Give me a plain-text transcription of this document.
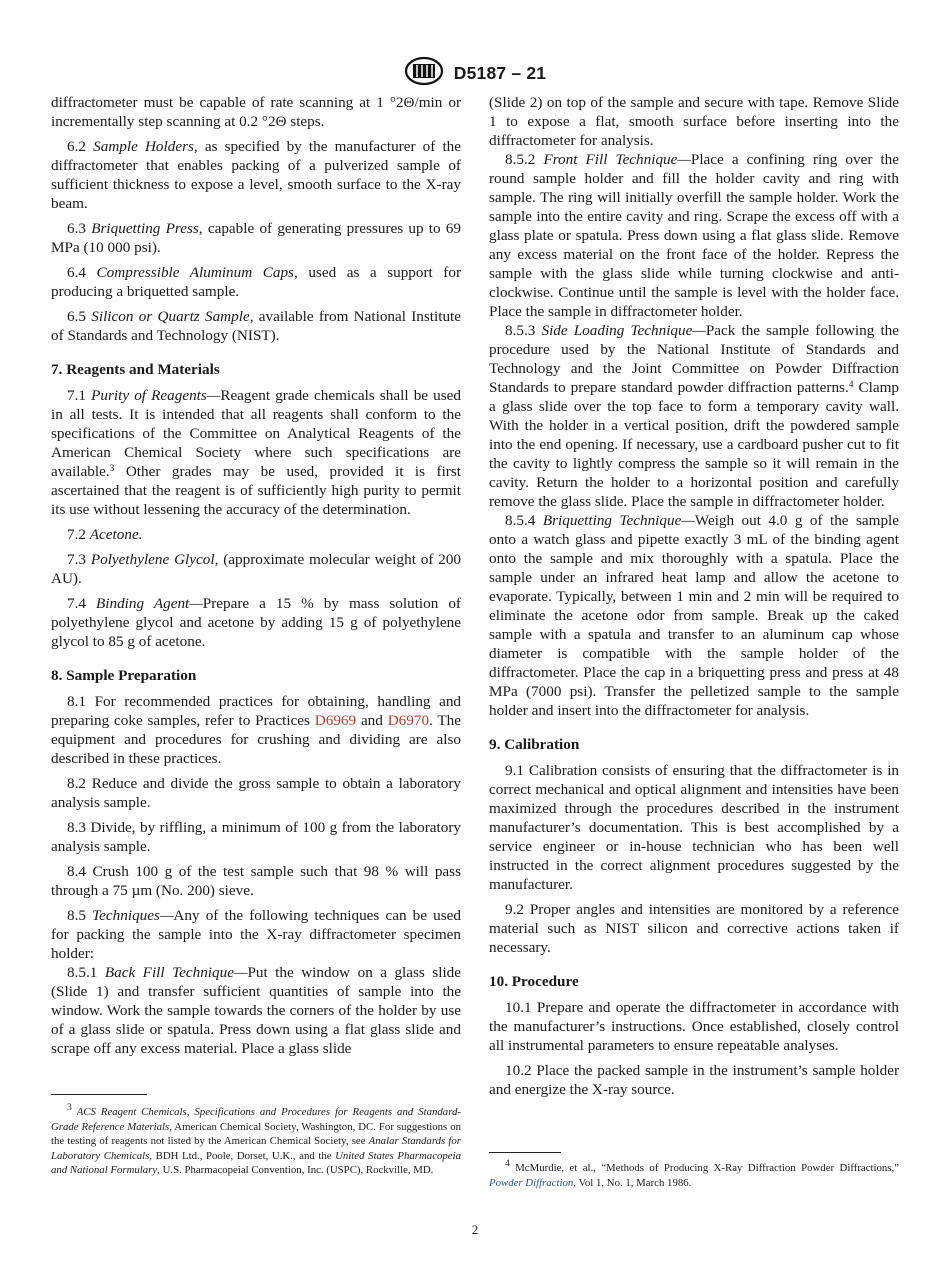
D5187 – 21

diffractometer must be capable of rate scanning at 1 °2Θ/min or incrementally step scanning at 0.2 °2Θ steps.

6.2 Sample Holders, as specified by the manufacturer of the diffractometer that enables packing of a pulverized sample of sufficient thickness to expose a level, smooth surface to the X-ray beam.

6.3 Briquetting Press, capable of generating pressures up to 69 MPa (10 000 psi).

6.4 Compressible Aluminum Caps, used as a support for producing a briquetted sample.

6.5 Silicon or Quartz Sample, available from National Institute of Standards and Technology (NIST).

7. Reagents and Materials

7.1 Purity of Reagents—Reagent grade chemicals shall be used in all tests. It is intended that all reagents shall conform to the specifications of the Committee on Analytical Reagents of the American Chemical Society where such specifications are available.$^3$ Other grades may be used, provided it is first ascertained that the reagent is of sufficiently high purity to permit its use without lessening the accuracy of the determination.

7.2 Acetone.

7.3 Polyethylene Glycol, (approximate molecular weight of 200 AU).

7.4 Binding Agent—Prepare a 15 % by mass solution of polyethylene glycol and acetone by adding 15 g of polyethylene glycol to 85 g of acetone.

8. Sample Preparation

8.1 For recommended practices for obtaining, handling and preparing coke samples, refer to Practices D6969 and D6970. The equipment and procedures for crushing and dividing are also described in these practices.

8.2 Reduce and divide the gross sample to obtain a laboratory analysis sample.

8.3 Divide, by riffling, a minimum of 100 g from the laboratory analysis sample.

8.4 Crush 100 g of the test sample such that 98 % will pass through a 75 µm (No. 200) sieve.

8.5 Techniques—Any of the following techniques can be used for packing the sample into the X-ray diffractometer specimen holder:

8.5.1 Back Fill Technique—Put the window on a glass slide (Slide 1) and transfer sufficient quantities of sample into the window. Work the sample towards the corners of the holder by use of a glass slide or spatula. Press down using a flat glass slide and scrape off any excess material. Place a glass slide

$^3$ ACS Reagent Chemicals, Specifications and Procedures for Reagents and Standard-Grade Reference Materials, American Chemical Society, Washington, DC. For suggestions on the testing of reagents not listed by the American Chemical Society, see Analar Standards for Laboratory Chemicals, BDH Ltd., Poole, Dorset, U.K., and the United States Pharmacopeia and National Formulary, U.S. Pharmacopeial Convention, Inc. (USPC), Rockville, MD.

(Slide 2) on top of the sample and secure with tape. Remove Slide 1 to expose a flat, smooth surface before inserting into the diffractometer for analysis.

8.5.2 Front Fill Technique—Place a confining ring over the round sample holder and fill the holder cavity and ring with sample. The ring will initially overfill the sample holder. Work the sample into the entire cavity and ring. Scrape the excess off with a glass plate or spatula. Press down using a flat glass slide. Remove any excess material on the front face of the holder. Repress the sample with the glass slide while turning clockwise and anti-clockwise. Continue until the sample is level with the holder face. Place the sample in diffractometer holder.

8.5.3 Side Loading Technique—Pack the sample following the procedure used by the National Institute of Standards and Technology and the Joint Committee on Powder Diffraction Standards to prepare standard powder diffraction patterns.$^4$ Clamp a glass slide over the top face to form a temporary cavity wall. With the holder in a vertical position, drift the powdered sample into the end opening. If necessary, use a cardboard pusher cut to fit the cavity to lightly compress the sample so it will remain in the cavity. Return the holder to a horizontal position and carefully remove the glass slide. Place the sample in diffractometer holder.

8.5.4 Briquetting Technique—Weigh out 4.0 g of the sample onto a watch glass and pipette exactly 3 mL of the binding agent onto the sample and mix thoroughly with a spatula. Place the sample under an infrared heat lamp and allow the acetone to evaporate. Typically, between 1 min and 2 min will be required to eliminate the acetone odor from sample. Break up the caked sample with a spatula and transfer to an aluminum cap whose diameter is compatible with the sample holder of the diffractometer. Place the cap in a briquetting press and press at 48 MPa (7000 psi). Transfer the pelletized sample to the sample holder and insert into the diffractometer for analysis.

9. Calibration

9.1 Calibration consists of ensuring that the diffractometer is in correct mechanical and optical alignment and intensities have been maximized through the procedures described in the instrument manufacturer’s documentation. This is best accomplished by a service engineer or in-house technician who has been well instructed in the correct alignment procedures suggested by the manufacturer.

9.2 Proper angles and intensities are monitored by a reference material such as NIST silicon and corrective actions taken if necessary.

10. Procedure

10.1 Prepare and operate the diffractometer in accordance with the manufacturer’s instructions. Once established, closely control all instrumental parameters to ensure repeatable analyses.

10.2 Place the packed sample in the instrument’s sample holder and energize the X-ray source.

$^4$ McMurdie, et al., “Methods of Producing X-Ray Diffraction Powder Diffractions,” Powder Diffraction, Vol 1, No. 1, March 1986.

2
